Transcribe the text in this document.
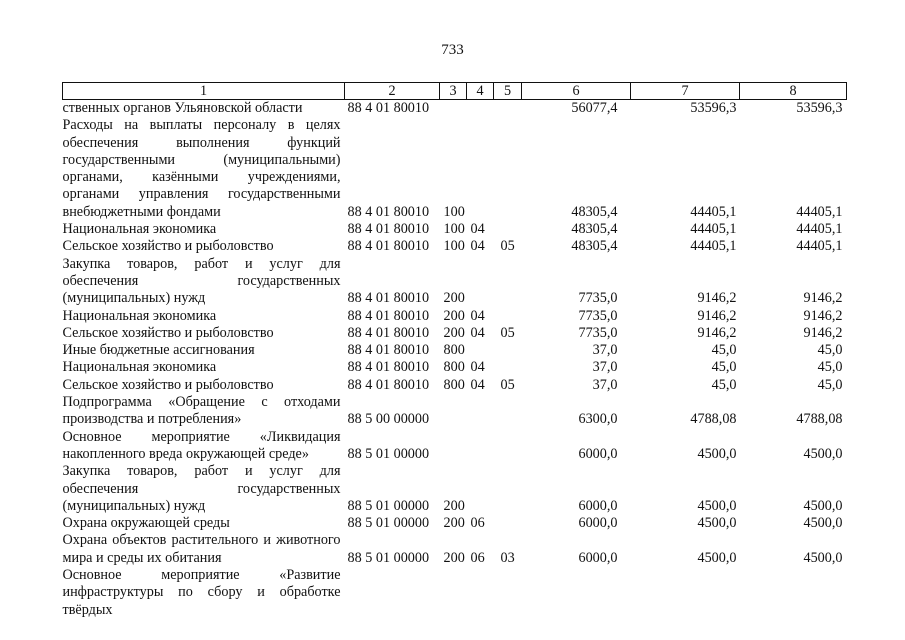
733
1	2	3	4	5	6	7	8
ственных органов Ульяновской области	88 4 01 80010				56077,4	53596,3	53596,3
Расходы на выплаты персоналу в целях обеспечения выполнения функций государственными (муниципальными) органами, казёнными учреждениями, органами управления государственными внебюджетными фондами	88 4 01 80010	100			48305,4	44405,1	44405,1
Национальная экономика	88 4 01 80010	100	04		48305,4	44405,1	44405,1
Сельское хозяйство и рыболовство	88 4 01 80010	100	04	05	48305,4	44405,1	44405,1
Закупка товаров, работ и услуг для обеспечения государственных (муниципальных) нужд	88 4 01 80010	200			7735,0	9146,2	9146,2
Национальная экономика	88 4 01 80010	200	04		7735,0	9146,2	9146,2
Сельское хозяйство и рыболовство	88 4 01 80010	200	04	05	7735,0	9146,2	9146,2
Иные бюджетные ассигнования	88 4 01 80010	800			37,0	45,0	45,0
Национальная экономика	88 4 01 80010	800	04		37,0	45,0	45,0
Сельское хозяйство и рыболовство	88 4 01 80010	800	04	05	37,0	45,0	45,0
Подпрограмма «Обращение с отходами производства и потребления»	88 5 00 00000				6300,0	4788,08	4788,08
Основное мероприятие «Ликвидация накопленного вреда окружающей среде»	88 5 01 00000				6000,0	4500,0	4500,0
Закупка товаров, работ и услуг для обеспечения государственных (муниципальных) нужд	88 5 01 00000	200			6000,0	4500,0	4500,0
Охрана окружающей среды	88 5 01 00000	200	06		6000,0	4500,0	4500,0
Охрана объектов растительного и животного мира и среды их обитания	88 5 01 00000	200	06	03	6000,0	4500,0	4500,0
Основное мероприятие «Развитие инфраструктуры по сбору и обработке твёрдых							
